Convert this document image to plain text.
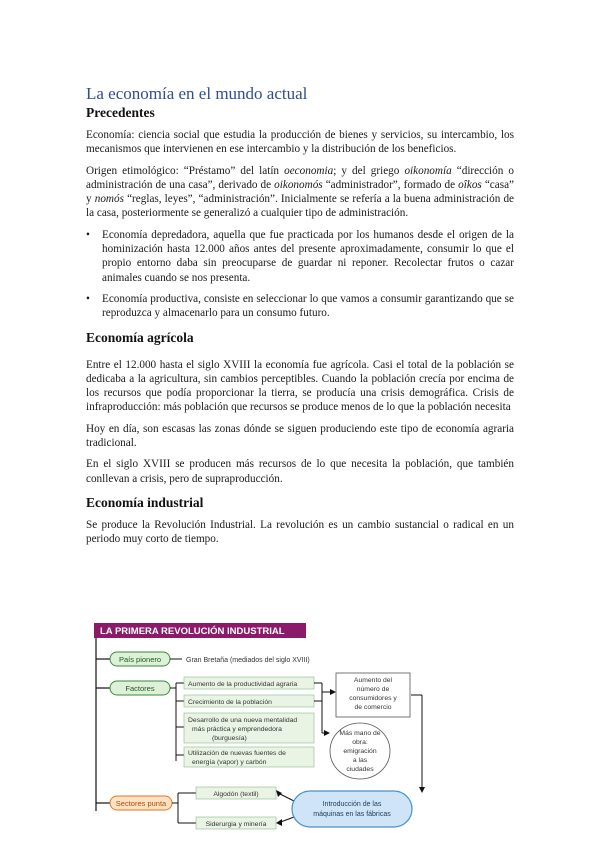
La economía en el mundo actual
Precedentes

Economía: ciencia social que estudia la producción de bienes y servicios, su intercambio, los mecanismos que intervienen en ese intercambio y la distribución de los beneficios.

Origen etimológico: “Préstamo” del latín oeconomia; y del griego oikonomía “dirección o administración de una casa”, derivado de oikonomós “administrador”, formado de oîkos “casa” y nomós “reglas, leyes”, “administración”. Inicialmente se refería a la buena administración de la casa, posteriormente se generalizó a cualquier tipo de administración.

• Economía depredadora, aquella que fue practicada por los humanos desde el origen de la hominización hasta 12.000 años antes del presente aproximadamente, consumir lo que el propio entorno daba sin preocuparse de guardar ni reponer. Recolectar frutos o cazar animales cuando se nos presenta.
• Economía productiva, consiste en seleccionar lo que vamos a consumir garantizando que se reproduzca y almacenarlo para un consumo futuro.
Economía agrícola

Entre el 12.000 hasta el siglo XVIII la economía fue agrícola. Casi el total de la población se dedicaba a la agricultura, sin cambios perceptibles. Cuando la población crecía por encima de los recursos que podía proporcionar la tierra, se producía una crisis demográfica. Crisis de infraproducción: más población que recursos se produce menos de lo que la población necesita

Hoy en día, son escasas las zonas dónde se siguen produciendo este tipo de economía agraria tradicional.

En el siglo XVIII se producen más recursos de lo que necesita la población, que también conllevan a crisis, pero de supraproducción.

Economía industrial

Se produce la Revolución Industrial. La revolución es un cambio sustancial o radical en un periodo muy corto de tiempo.

LA PRIMERA REVOLUCIÓN INDUSTRIAL
País pionero	Gran Bretaña (mediados del siglo XVIII)
Factores	Aumento de la productividad agraria
Crecimiento de la población
Desarrollo de una nueva mentalidad
más práctica y emprendedora
(burguesía)
Utilización de nuevas fuentes de
energía (vapor) y carbón
Aumento del
número de
consumidores y
de comercio
Más mano de
obra:
emigración
a las
ciudades
Sectores punta
Algodón (textil)
Siderurgia y minería
Introducción de las
máquinas en las fábricas
